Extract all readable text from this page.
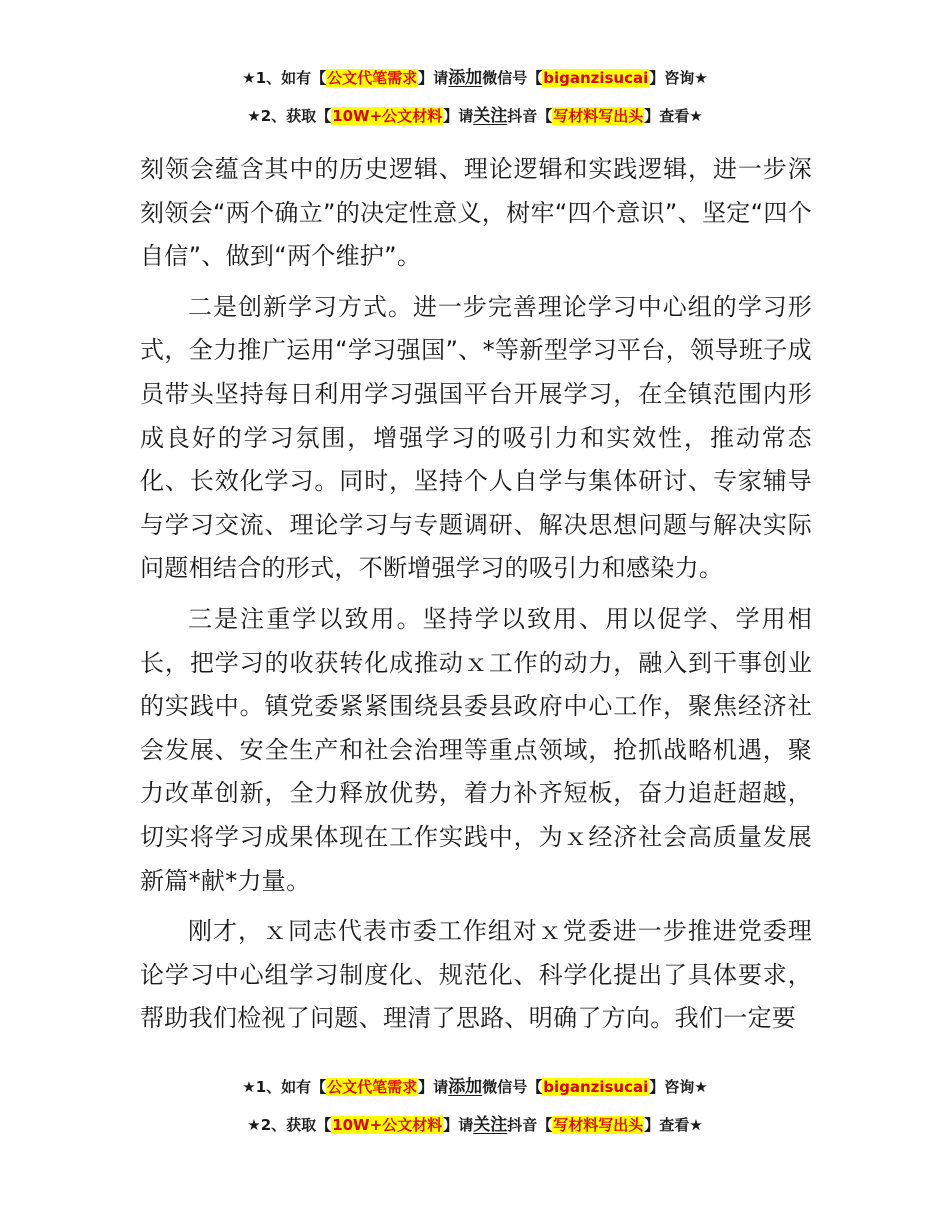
★1、如有【公文代笔需求】请添加微信号【biganzisucai】咨询★
★2、获取【10W+公文材料】请关注抖音【写材料写出头】查看★

刻领会蕴含其中的历史逻辑、理论逻辑和实践逻辑，进一步深刻领会“两个确立”的决定性意义，树牢“四个意识”、坚定“四个自信”、做到“两个维护”。

二是创新学习方式。进一步完善理论学习中心组的学习形式，全力推广运用“学习强国”、*等新型学习平台，领导班子成员带头坚持每日利用学习强国平台开展学习，在全镇范围内形成良好的学习氛围，增强学习的吸引力和实效性，推动常态化、长效化学习。同时，坚持个人自学与集体研讨、专家辅导与学习交流、理论学习与专题调研、解决思想问题与解决实际问题相结合的形式，不断增强学习的吸引力和感染力。

三是注重学以致用。坚持学以致用、用以促学、学用相长，把学习的收获转化成推动ｘ工作的动力，融入到干事创业的实践中。镇党委紧紧围绕县委县政府中心工作，聚焦经济社会发展、安全生产和社会治理等重点领域，抢抓战略机遇，聚力改革创新，全力释放优势，着力补齐短板，奋力追赶超越，切实将学习成果体现在工作实践中，为ｘ经济社会高质量发展新篇*献*力量。

刚才，ｘ同志代表市委工作组对ｘ党委进一步推进党委理论学习中心组学习制度化、规范化、科学化提出了具体要求，帮助我们检视了问题、理清了思路、明确了方向。我们一定要

★1、如有【公文代笔需求】请添加微信号【biganzisucai】咨询★
★2、获取【10W+公文材料】请关注抖音【写材料写出头】查看★
